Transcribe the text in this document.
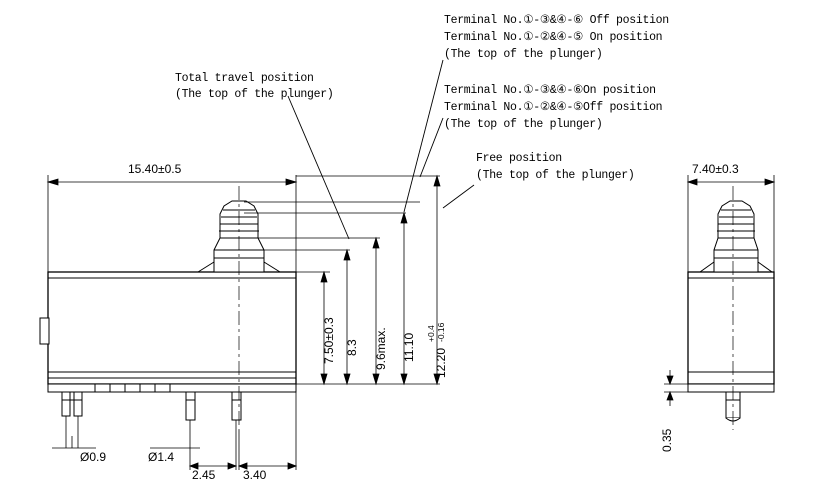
Total travel position
(The top of the plunger)
Terminal No.①-③&④-⑥ Off position
Terminal No.①-②&④-⑤ On position
(The top of the plunger)
Terminal No.①-③&④-⑥On position
Terminal No.①-②&④-⑤Off position
(The top of the plunger)
Free position
(The top of the plunger)
15.40±0.5	7.40±0.3
7.50±0.3 8.3 9.6max. 11.10
12.20
+0.4 -0.16
Ø0.9	Ø1.4
2.45 3.40
0.35
